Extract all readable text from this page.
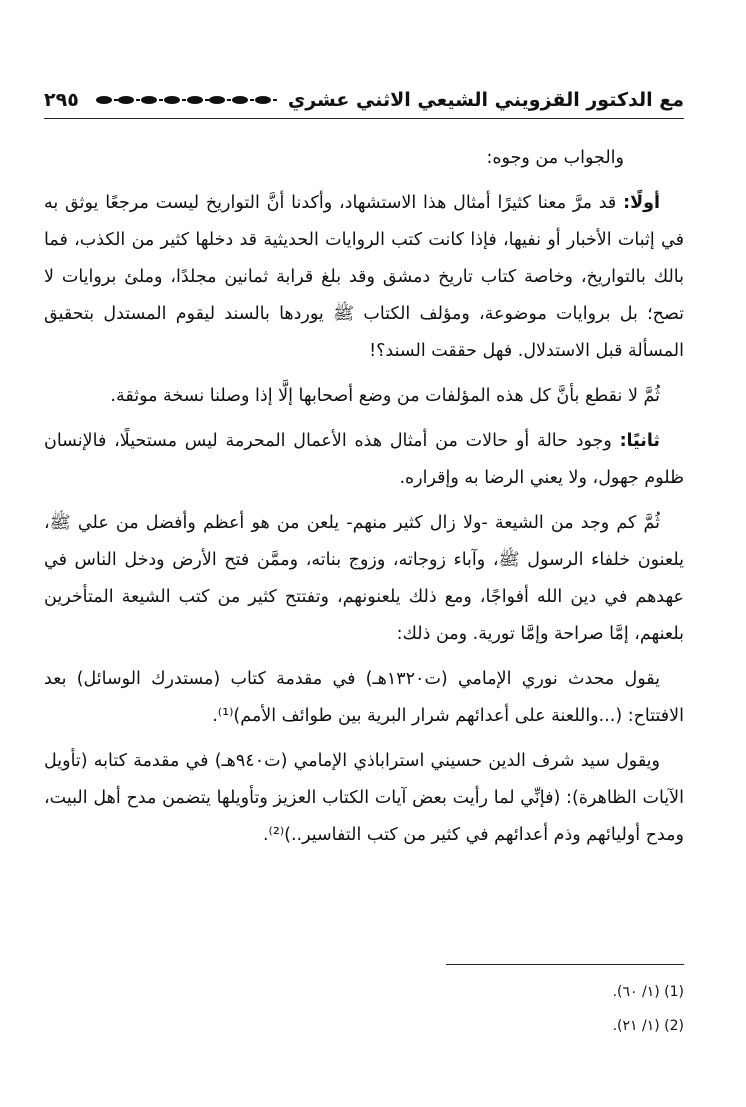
مع الدكتور القزويني الشيعي الاثني عشري
٢٩٥

والجواب من وجوه:

أولًا: قد مرَّ معنا كثيرًا أمثال هذا الاستشهاد، وأكدنا أنَّ التواريخ ليست مرجعًا يوثق به في إثبات الأخبار أو نفيها، فإذا كانت كتب الروايات الحديثية قد دخلها كثير من الكذب، فما بالك بالتواريخ، وخاصة كتاب تاريخ دمشق وقد بلغ قرابة ثمانين مجلدًا، وملئ بروايات لا تصح؛ بل بروايات موضوعة، ومؤلف الكتاب ﷺ يوردها بالسند ليقوم المستدل بتحقيق المسألة قبل الاستدلال. فهل حققت السند؟!

ثُمَّ لا نقطع بأنَّ كل هذه المؤلفات من وضع أصحابها إلَّا إذا وصلنا نسخة موثقة.

ثانيًا: وجود حالة أو حالات من أمثال هذه الأعمال المحرمة ليس مستحيلًا، فالإنسان ظلوم جهول، ولا يعني الرضا به وإقراره.

ثُمَّ كم وجد من الشيعة -ولا زال كثير منهم- يلعن من هو أعظم وأفضل من علي ﷺ، يلعنون خلفاء الرسول ﷺ، وآباء زوجاته، وزوج بناته، وممَّن فتح الأرض ودخل الناس في عهدهم في دين الله أفواجًا، ومع ذلك يلعنونهم، وتفتتح كثير من كتب الشيعة المتأخرين بلعنهم، إمَّا صراحة وإمَّا تورية. ومن ذلك:

يقول محدث نوري الإمامي (ت١٣٢٠هـ) في مقدمة كتاب (مستدرك الوسائل) بعد الافتتاح: (...واللعنة على أعدائهم شرار البرية بين طوائف الأمم)⁽¹⁾.

ويقول سيد شرف الدين حسيني استراباذي الإمامي (ت٩٤٠هـ) في مقدمة كتابه (تأويل الآيات الظاهرة): (فإنِّي لما رأيت بعض آيات الكتاب العزيز وتأويلها يتضمن مدح أهل البيت، ومدح أوليائهم وذم أعدائهم في كثير من كتب التفاسير..)⁽²⁾.

(1) (١/ ٦٠).
(2) (١/ ٢١).
